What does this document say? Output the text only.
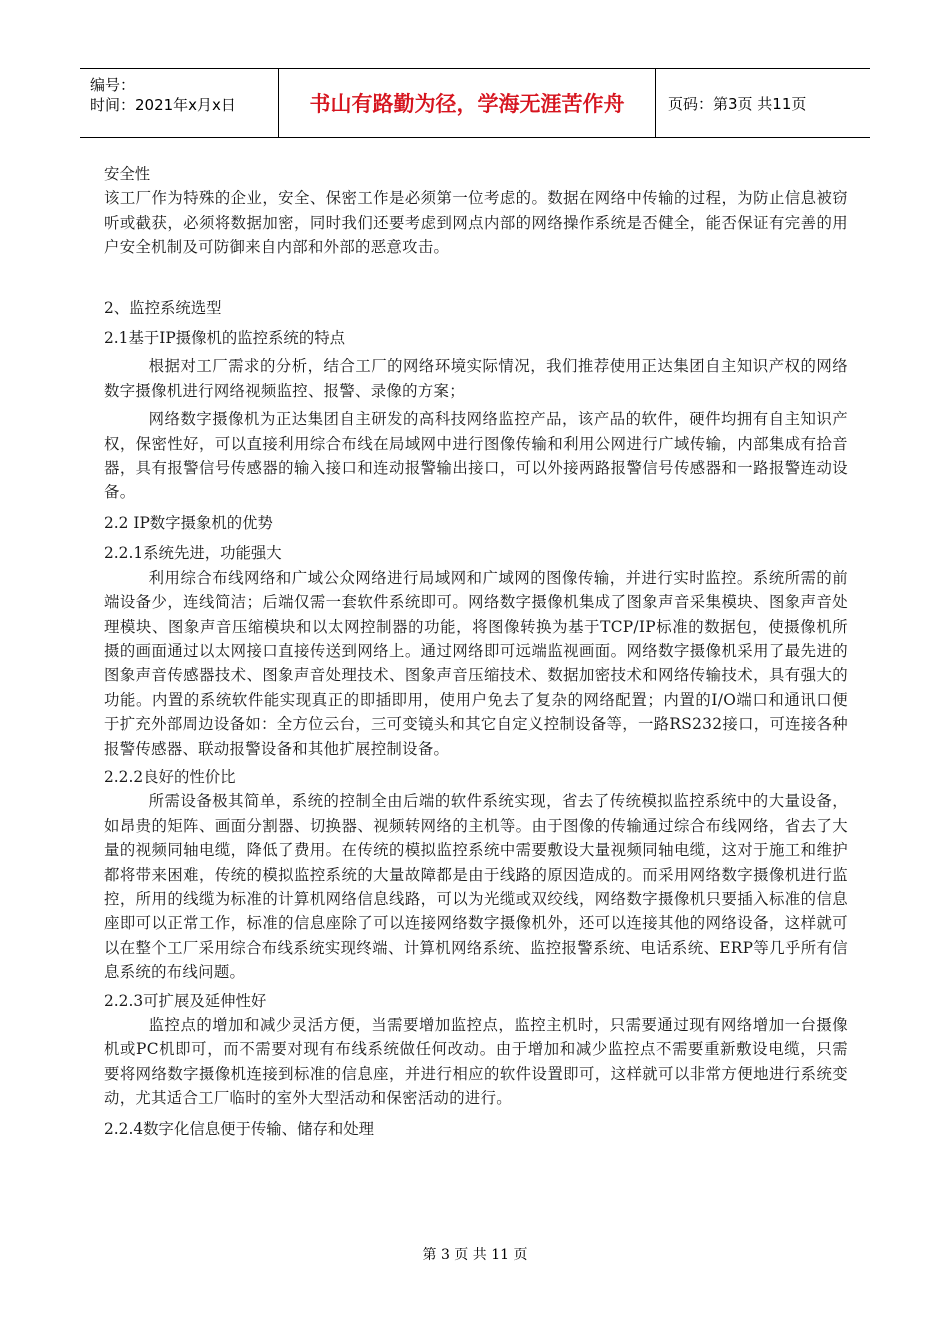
编号：
时间：2021年x月x日	书山有路勤为径，学海无涯苦作舟	页码：第3页 共11页

安全性

该工厂作为特殊的企业，安全、保密工作是必须第一位考虑的。数据在网络中传输的过程，为防止信息被窃听或截获，必须将数据加密，同时我们还要考虑到网点内部的网络操作系统是否健全，能否保证有完善的用户安全机制及可防御来自内部和外部的恶意攻击。

2、监控系统选型

2.1基于IP摄像机的监控系统的特点

根据对工厂需求的分析，结合工厂的网络环境实际情况，我们推荐使用正达集团自主知识产权的网络数字摄像机进行网络视频监控、报警、录像的方案；

网络数字摄像机为正达集团自主研发的高科技网络监控产品，该产品的软件，硬件均拥有自主知识产权，保密性好，可以直接利用综合布线在局域网中进行图像传输和利用公网进行广域传输，内部集成有拾音器，具有报警信号传感器的输入接口和连动报警输出接口，可以外接两路报警信号传感器和一路报警连动设备。

2.2 IP数字摄象机的优势

2.2.1系统先进，功能强大

利用综合布线网络和广域公众网络进行局域网和广域网的图像传输，并进行实时监控。系统所需的前端设备少，连线简洁；后端仅需一套软件系统即可。网络数字摄像机集成了图象声音采集模块、图象声音处理模块、图象声音压缩模块和以太网控制器的功能，将图像转换为基于TCP/IP标准的数据包，使摄像机所摄的画面通过以太网接口直接传送到网络上。通过网络即可远端监视画面。网络数字摄像机采用了最先进的图象声音传感器技术、图象声音处理技术、图象声音压缩技术、数据加密技术和网络传输技术，具有强大的功能。内置的系统软件能实现真正的即插即用，使用户免去了复杂的网络配置；内置的I/O端口和通讯口便于扩充外部周边设备如：全方位云台，三可变镜头和其它自定义控制设备等，一路RS232接口，可连接各种报警传感器、联动报警设备和其他扩展控制设备。

2.2.2良好的性价比

所需设备极其简单，系统的控制全由后端的软件系统实现，省去了传统模拟监控系统中的大量设备，如昂贵的矩阵、画面分割器、切换器、视频转网络的主机等。由于图像的传输通过综合布线网络，省去了大量的视频同轴电缆，降低了费用。在传统的模拟监控系统中需要敷设大量视频同轴电缆，这对于施工和维护都将带来困难，传统的模拟监控系统的大量故障都是由于线路的原因造成的。而采用网络数字摄像机进行监控，所用的线缆为标准的计算机网络信息线路，可以为光缆或双绞线，网络数字摄像机只要插入标准的信息座即可以正常工作，标准的信息座除了可以连接网络数字摄像机外，还可以连接其他的网络设备，这样就可以在整个工厂采用综合布线系统实现终端、计算机网络系统、监控报警系统、电话系统、ERP等几乎所有信息系统的布线问题。

2.2.3可扩展及延伸性好

监控点的增加和减少灵活方便，当需要增加监控点，监控主机时，只需要通过现有网络增加一台摄像机或PC机即可，而不需要对现有布线系统做任何改动。由于增加和减少监控点不需要重新敷设电缆，只需要将网络数字摄像机连接到标准的信息座，并进行相应的软件设置即可，这样就可以非常方便地进行系统变动，尤其适合工厂临时的室外大型活动和保密活动的进行。

2.2.4数字化信息便于传输、储存和处理

第 3 页 共 11 页
